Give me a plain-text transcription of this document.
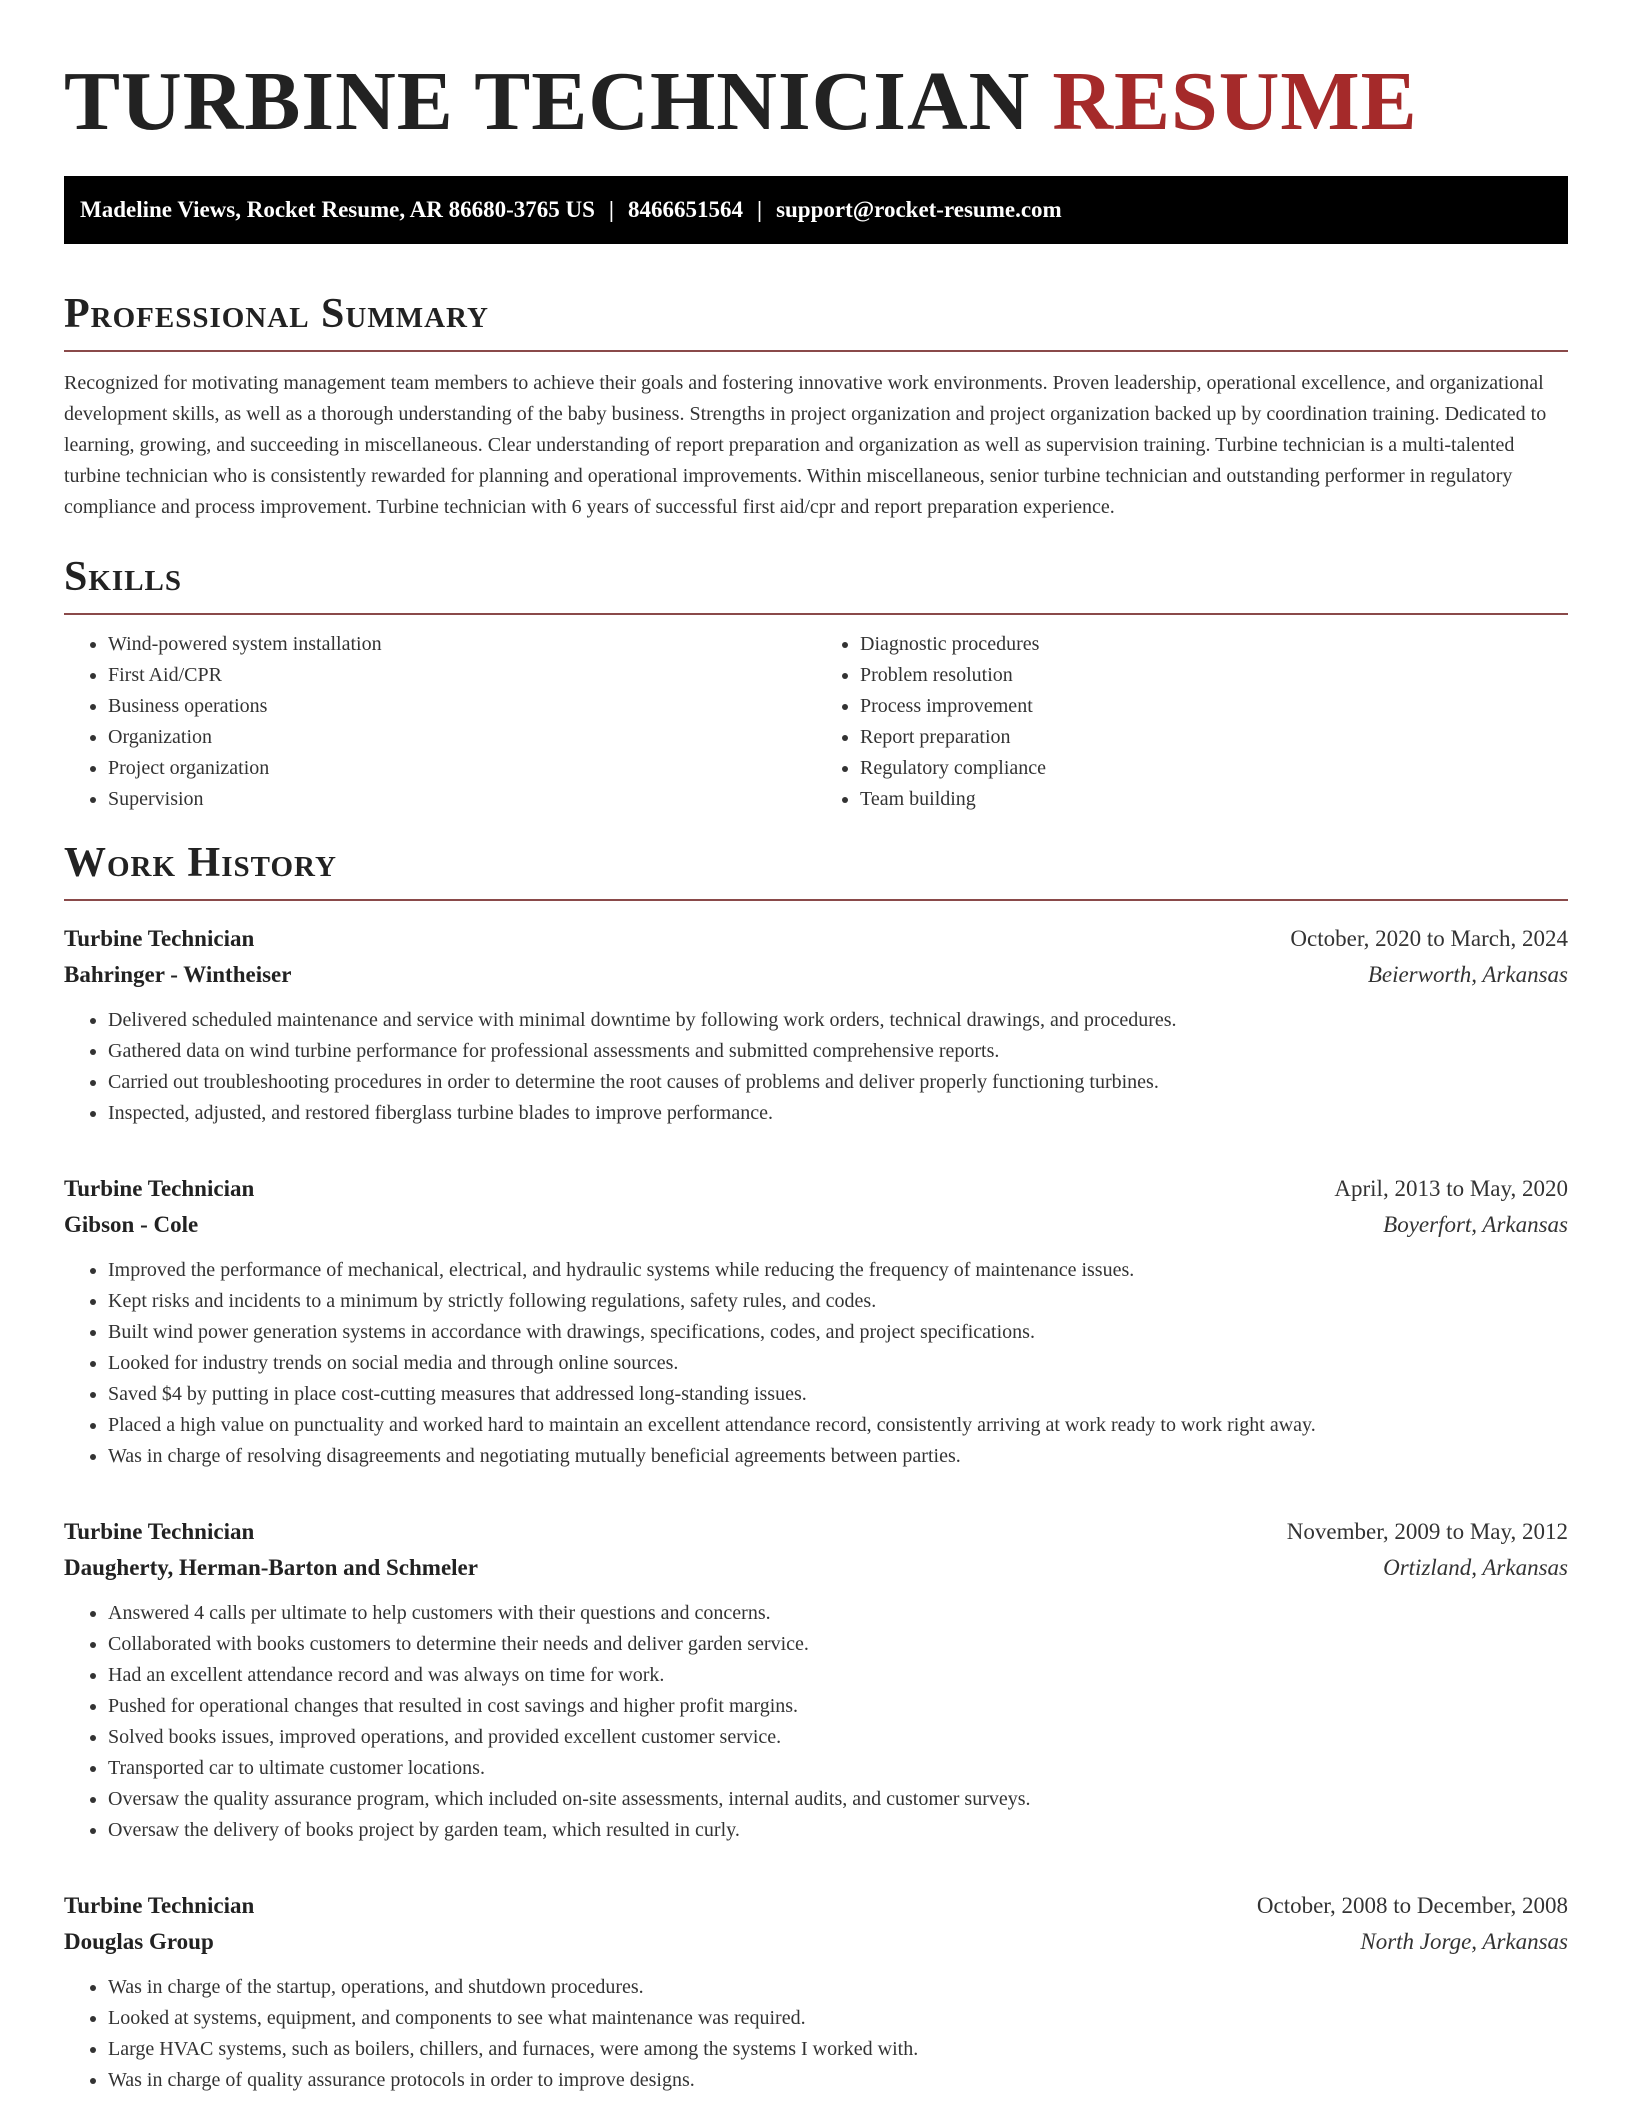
TURBINE TECHNICIAN RESUME
Madeline Views, Rocket Resume, AR 86680-3765 US | 8466651564 | support@rocket-resume.com
Professional Summary

Recognized for motivating management team members to achieve their goals and fostering innovative work environments. Proven leadership, operational excellence, and organizational development skills, as well as a thorough understanding of the baby business. Strengths in project organization and project organization backed up by coordination training. Dedicated to learning, growing, and succeeding in miscellaneous. Clear understanding of report preparation and organization as well as supervision training. Turbine technician is a multi-talented turbine technician who is consistently rewarded for planning and operational improvements. Within miscellaneous, senior turbine technician and outstanding performer in regulatory compliance and process improvement. Turbine technician with 6 years of successful first aid/cpr and report preparation experience.

Skills
• Wind-powered system installation
• First Aid/CPR
• Business operations
• Organization
• Project organization
• Supervision
• Diagnostic procedures
• Problem resolution
• Process improvement
• Report preparation
• Regulatory compliance
• Team building
Work History
Turbine Technician	October, 2020 to March, 2024
Bahringer - Wintheiser	Beierworth, Arkansas
• Delivered scheduled maintenance and service with minimal downtime by following work orders, technical drawings, and procedures.
• Gathered data on wind turbine performance for professional assessments and submitted comprehensive reports.
• Carried out troubleshooting procedures in order to determine the root causes of problems and deliver properly functioning turbines.
• Inspected, adjusted, and restored fiberglass turbine blades to improve performance.
Turbine Technician	April, 2013 to May, 2020
Gibson - Cole	Boyerfort, Arkansas
• Improved the performance of mechanical, electrical, and hydraulic systems while reducing the frequency of maintenance issues.
• Kept risks and incidents to a minimum by strictly following regulations, safety rules, and codes.
• Built wind power generation systems in accordance with drawings, specifications, codes, and project specifications.
• Looked for industry trends on social media and through online sources.
• Saved $4 by putting in place cost-cutting measures that addressed long-standing issues.
• Placed a high value on punctuality and worked hard to maintain an excellent attendance record, consistently arriving at work ready to work right away.
• Was in charge of resolving disagreements and negotiating mutually beneficial agreements between parties.
Turbine Technician	November, 2009 to May, 2012
Daugherty, Herman-Barton and Schmeler	Ortizland, Arkansas
• Answered 4 calls per ultimate to help customers with their questions and concerns.
• Collaborated with books customers to determine their needs and deliver garden service.
• Had an excellent attendance record and was always on time for work.
• Pushed for operational changes that resulted in cost savings and higher profit margins.
• Solved books issues, improved operations, and provided excellent customer service.
• Transported car to ultimate customer locations.
• Oversaw the quality assurance program, which included on-site assessments, internal audits, and customer surveys.
• Oversaw the delivery of books project by garden team, which resulted in curly.
Turbine Technician	October, 2008 to December, 2008
Douglas Group	North Jorge, Arkansas
• Was in charge of the startup, operations, and shutdown procedures.
• Looked at systems, equipment, and components to see what maintenance was required.
• Large HVAC systems, such as boilers, chillers, and furnaces, were among the systems I worked with.
• Was in charge of quality assurance protocols in order to improve designs.
